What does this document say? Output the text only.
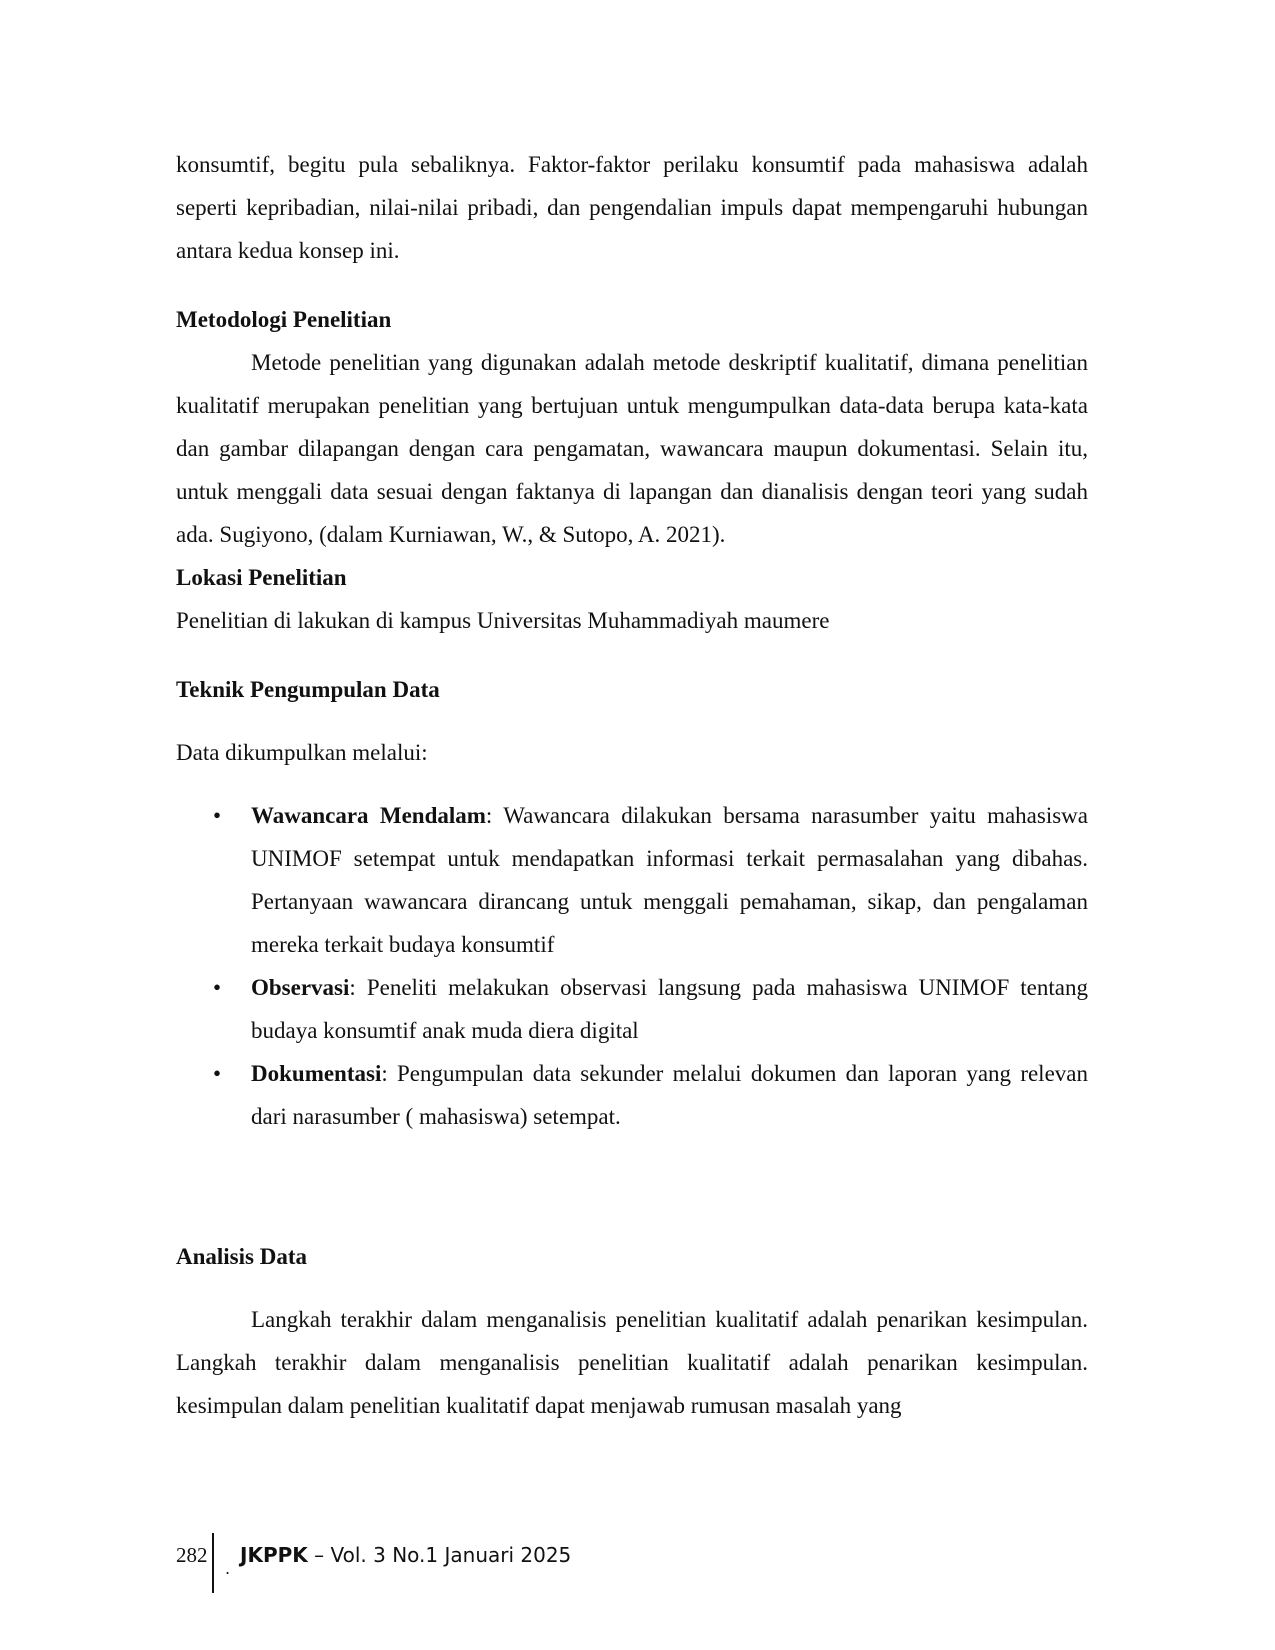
konsumtif, begitu pula sebaliknya. Faktor-faktor perilaku konsumtif pada mahasiswa adalah seperti kepribadian, nilai-nilai pribadi, dan pengendalian impuls dapat mempengaruhi hubungan antara kedua konsep ini.

Metodologi Penelitian

Metode penelitian yang digunakan adalah metode deskriptif kualitatif, dimana penelitian kualitatif merupakan penelitian yang bertujuan untuk mengumpulkan data-data berupa kata-kata dan gambar dilapangan dengan cara pengamatan, wawancara maupun dokumentasi. Selain itu, untuk menggali data sesuai dengan faktanya di lapangan dan dianalisis dengan teori yang sudah ada. Sugiyono, (dalam Kurniawan, W., & Sutopo, A. 2021).

Lokasi Penelitian

Penelitian di lakukan di kampus Universitas Muhammadiyah maumere

Teknik Pengumpulan Data

Data dikumpulkan melalui:

• Wawancara Mendalam: Wawancara dilakukan bersama narasumber yaitu mahasiswa UNIMOF setempat untuk mendapatkan informasi terkait permasalahan yang dibahas. Pertanyaan wawancara dirancang untuk menggali pemahaman, sikap, dan pengalaman mereka terkait budaya konsumtif
• Observasi: Peneliti melakukan observasi langsung pada mahasiswa UNIMOF tentang budaya konsumtif anak muda diera digital
• Dokumentasi: Pengumpulan data sekunder melalui dokumen dan laporan yang relevan dari narasumber ( mahasiswa) setempat.
Analisis Data

Langkah terakhir dalam menganalisis penelitian kualitatif adalah penarikan kesimpulan. Langkah terakhir dalam menganalisis penelitian kualitatif adalah penarikan kesimpulan. kesimpulan dalam penelitian kualitatif dapat menjawab rumusan masalah yang

282
.
JKPPK – Vol. 3 No.1 Januari 2025
